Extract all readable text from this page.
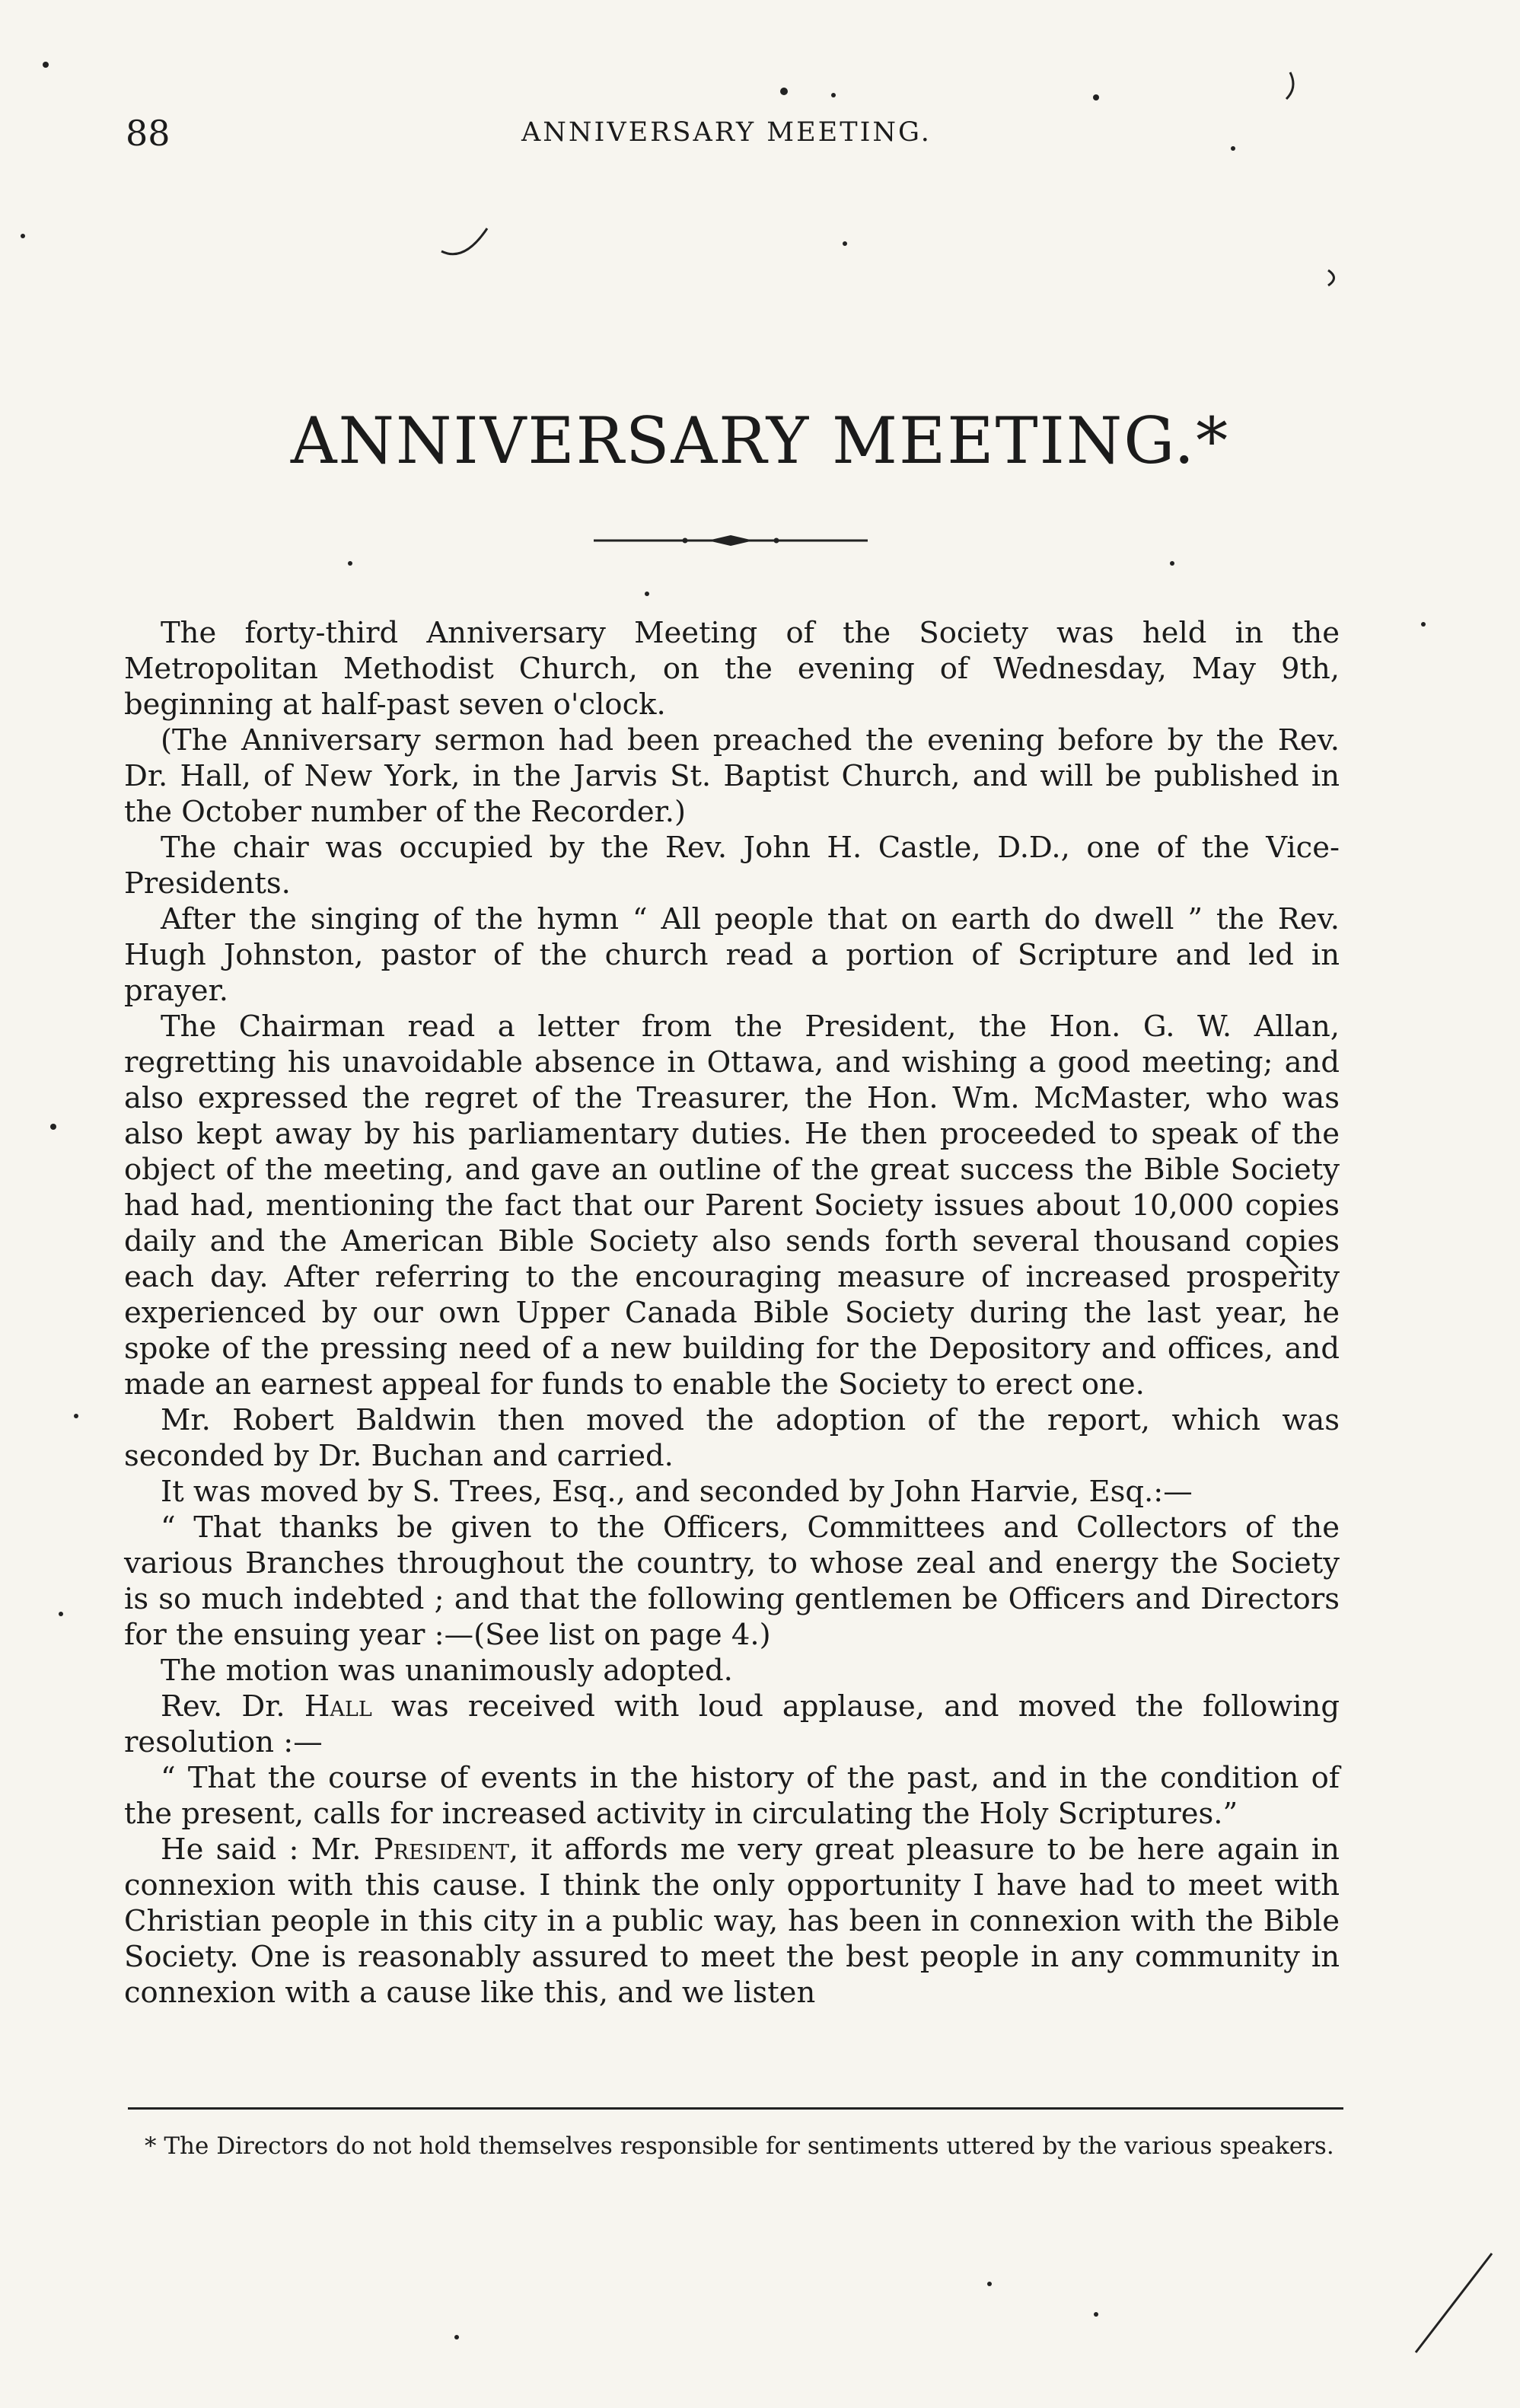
88	ANNIVERSARY MEETING.
ANNIVERSARY MEETING.*

The forty-third Anniversary Meeting of the Society was held in the Metropolitan Methodist Church, on the evening of Wednesday, May 9th, beginning at half-past seven o'clock.

(The Anniversary sermon had been preached the evening before by the Rev. Dr. Hall, of New York, in the Jarvis St. Baptist Church, and will be published in the October number of the Recorder.)

The chair was occupied by the Rev. John H. Castle, D.D., one of the Vice-Presidents.

After the singing of the hymn “ All people that on earth do dwell ” the Rev. Hugh Johnston, pastor of the church read a portion of Scripture and led in prayer.

The Chairman read a letter from the President, the Hon. G. W. Allan, regretting his unavoidable absence in Ottawa, and wishing a good meeting; and also expressed the regret of the Treasurer, the Hon. Wm. McMaster, who was also kept away by his parliamentary duties. He then proceeded to speak of the object of the meeting, and gave an outline of the great success the Bible Society had had, mentioning the fact that our Parent Society issues about 10,000 copies daily and the American Bible Society also sends forth several thousand copies each day. After referring to the encouraging measure of increased prosperity experienced by our own Upper Canada Bible Society during the last year, he spoke of the pressing need of a new building for the Depository and offices, and made an earnest appeal for funds to enable the Society to erect one.

Mr. Robert Baldwin then moved the adoption of the report, which was seconded by Dr. Buchan and carried.

It was moved by S. Trees, Esq., and seconded by John Harvie, Esq.:—

“ That thanks be given to the Officers, Committees and Collectors of the various Branches throughout the country, to whose zeal and energy the Society is so much indebted ; and that the following gentlemen be Officers and Directors for the ensuing year :—(See list on page 4.)

The motion was unanimously adopted.

Rev. Dr. Hall was received with loud applause, and moved the following resolution :—

“ That the course of events in the history of the past, and in the condition of the present, calls for increased activity in circulating the Holy Scriptures.”

He said : Mr. President, it affords me very great pleasure to be here again in connexion with this cause. I think the only opportunity I have had to meet with Christian people in this city in a public way, has been in connexion with the Bible Society. One is reasonably assured to meet the best people in any community in connexion with a cause like this, and we listen

* The Directors do not hold themselves responsible for sentiments uttered by the various speakers.
